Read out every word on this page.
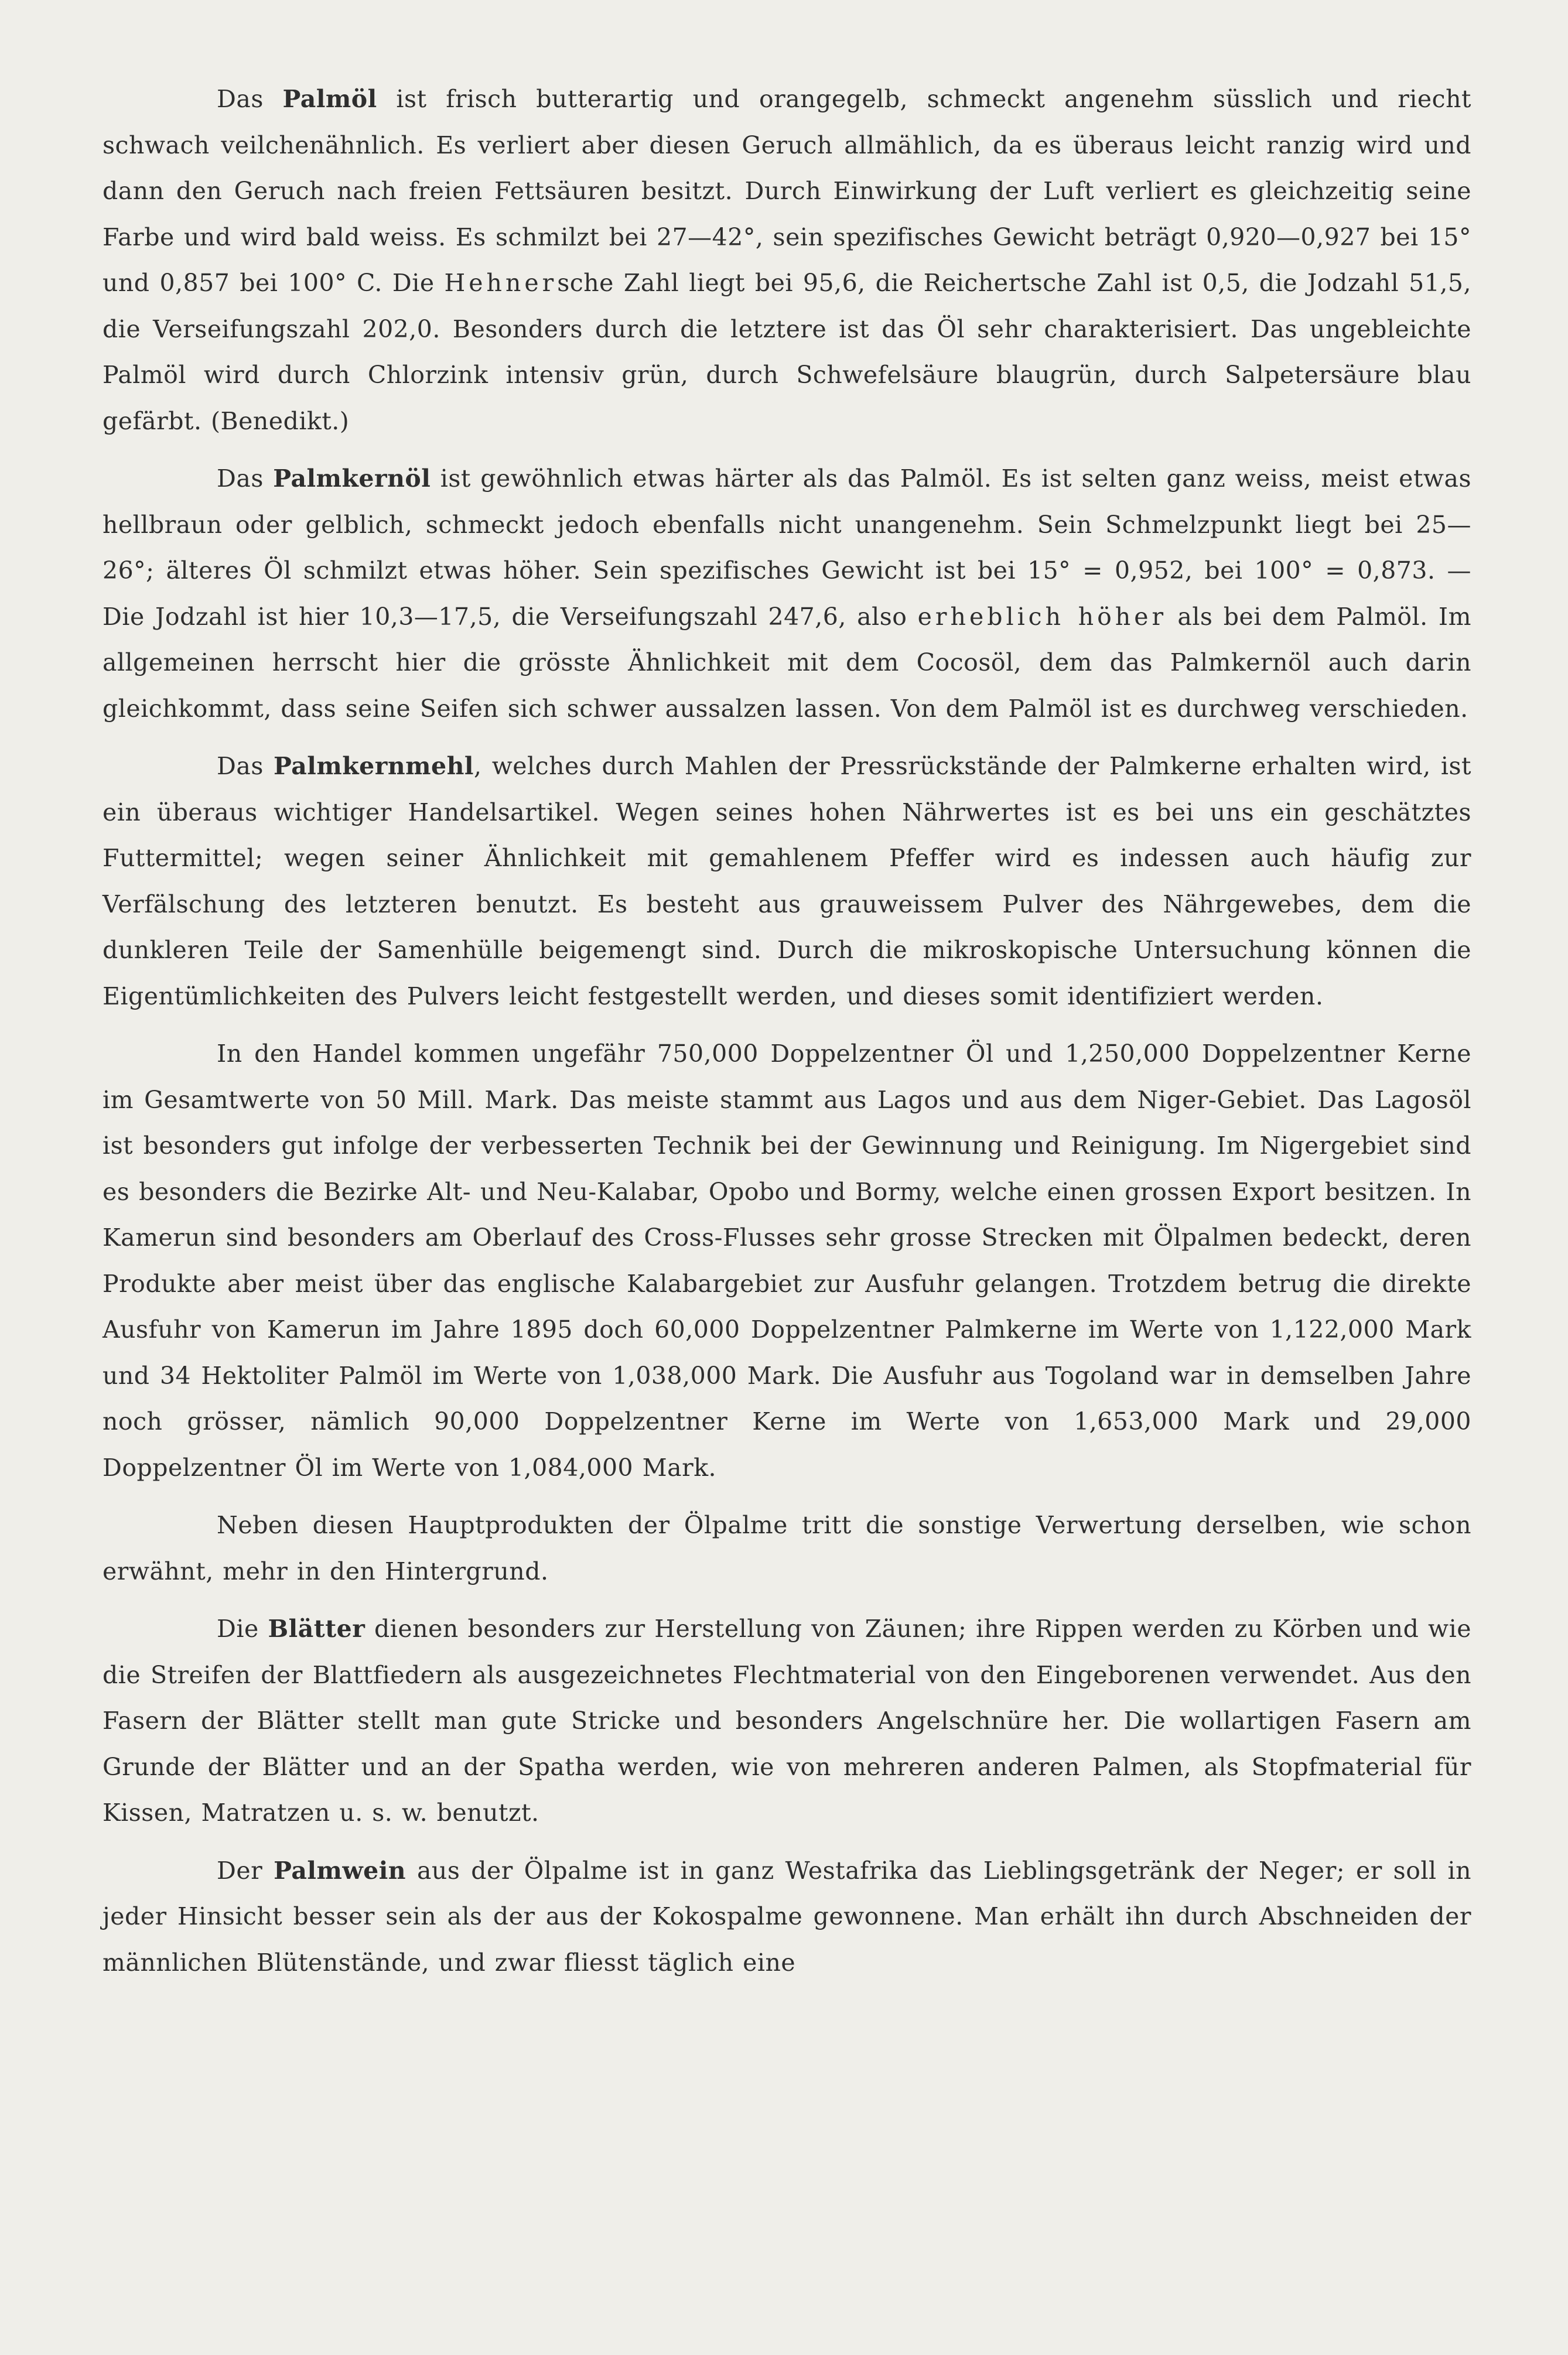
Das Palmöl ist frisch butterartig und orangegelb, schmeckt angenehm süsslich und riecht schwach veilchenähnlich. Es verliert aber diesen Geruch allmählich, da es überaus leicht ranzig wird und dann den Geruch nach freien Fettsäuren besitzt. Durch Einwirkung der Luft verliert es gleichzeitig seine Farbe und wird bald weiss. Es schmilzt bei 27—42°, sein spezifisches Gewicht beträgt 0,920—0,927 bei 15° und 0,857 bei 100° C. Die Hehnersche Zahl liegt bei 95,6, die Reichertsche Zahl ist 0,5, die Jodzahl 51,5, die Verseifungszahl 202,0. Besonders durch die letztere ist das Öl sehr charakterisiert. Das ungebleichte Palmöl wird durch Chlorzink intensiv grün, durch Schwefelsäure blaugrün, durch Salpetersäure blau gefärbt. (Benedikt.)

Das Palmkernöl ist gewöhnlich etwas härter als das Palmöl. Es ist selten ganz weiss, meist etwas hellbraun oder gelblich, schmeckt jedoch ebenfalls nicht unangenehm. Sein Schmelzpunkt liegt bei 25—26°; älteres Öl schmilzt etwas höher. Sein spezifisches Gewicht ist bei 15° = 0,952, bei 100° = 0,873. — Die Jodzahl ist hier 10,3—17,5, die Verseifungszahl 247,6, also erheblich höher als bei dem Palmöl. Im allgemeinen herrscht hier die grösste Ähnlichkeit mit dem Cocosöl, dem das Palmkernöl auch darin gleichkommt, dass seine Seifen sich schwer aussalzen lassen. Von dem Palmöl ist es durchweg verschieden.

Das Palmkernmehl, welches durch Mahlen der Pressrückstände der Palmkerne erhalten wird, ist ein überaus wichtiger Handelsartikel. Wegen seines hohen Nährwertes ist es bei uns ein geschätztes Futtermittel; wegen seiner Ähnlichkeit mit gemahlenem Pfeffer wird es indessen auch häufig zur Verfälschung des letzteren benutzt. Es besteht aus grauweissem Pulver des Nährgewebes, dem die dunkleren Teile der Samenhülle beigemengt sind. Durch die mikroskopische Untersuchung können die Eigentümlichkeiten des Pulvers leicht festgestellt werden, und dieses somit identifiziert werden.

In den Handel kommen ungefähr 750,000 Doppelzentner Öl und 1,250,000 Doppelzentner Kerne im Gesamtwerte von 50 Mill. Mark. Das meiste stammt aus Lagos und aus dem Niger-Gebiet. Das Lagosöl ist besonders gut infolge der verbesserten Technik bei der Gewinnung und Reinigung. Im Nigergebiet sind es besonders die Bezirke Alt- und Neu-Kalabar, Opobo und Bormy, welche einen grossen Export besitzen. In Kamerun sind besonders am Oberlauf des Cross-Flusses sehr grosse Strecken mit Ölpalmen bedeckt, deren Produkte aber meist über das englische Kalabargebiet zur Ausfuhr gelangen. Trotzdem betrug die direkte Ausfuhr von Kamerun im Jahre 1895 doch 60,000 Doppelzentner Palmkerne im Werte von 1,122,000 Mark und 34 Hektoliter Palmöl im Werte von 1,038,000 Mark. Die Ausfuhr aus Togoland war in demselben Jahre noch grösser, nämlich 90,000 Doppelzentner Kerne im Werte von 1,653,000 Mark und 29,000 Doppelzentner Öl im Werte von 1,084,000 Mark.

Neben diesen Hauptprodukten der Ölpalme tritt die sonstige Verwertung derselben, wie schon erwähnt, mehr in den Hintergrund.

Die Blätter dienen besonders zur Herstellung von Zäunen; ihre Rippen werden zu Körben und wie die Streifen der Blattfiedern als ausgezeichnetes Flechtmaterial von den Eingeborenen verwendet. Aus den Fasern der Blätter stellt man gute Stricke und besonders Angelschnüre her. Die wollartigen Fasern am Grunde der Blätter und an der Spatha werden, wie von mehreren anderen Palmen, als Stopfmaterial für Kissen, Matratzen u. s. w. benutzt.

Der Palmwein aus der Ölpalme ist in ganz Westafrika das Lieblingsgetränk der Neger; er soll in jeder Hinsicht besser sein als der aus der Kokospalme gewonnene. Man erhält ihn durch Abschneiden der männlichen Blütenstände, und zwar fliesst täglich eine
